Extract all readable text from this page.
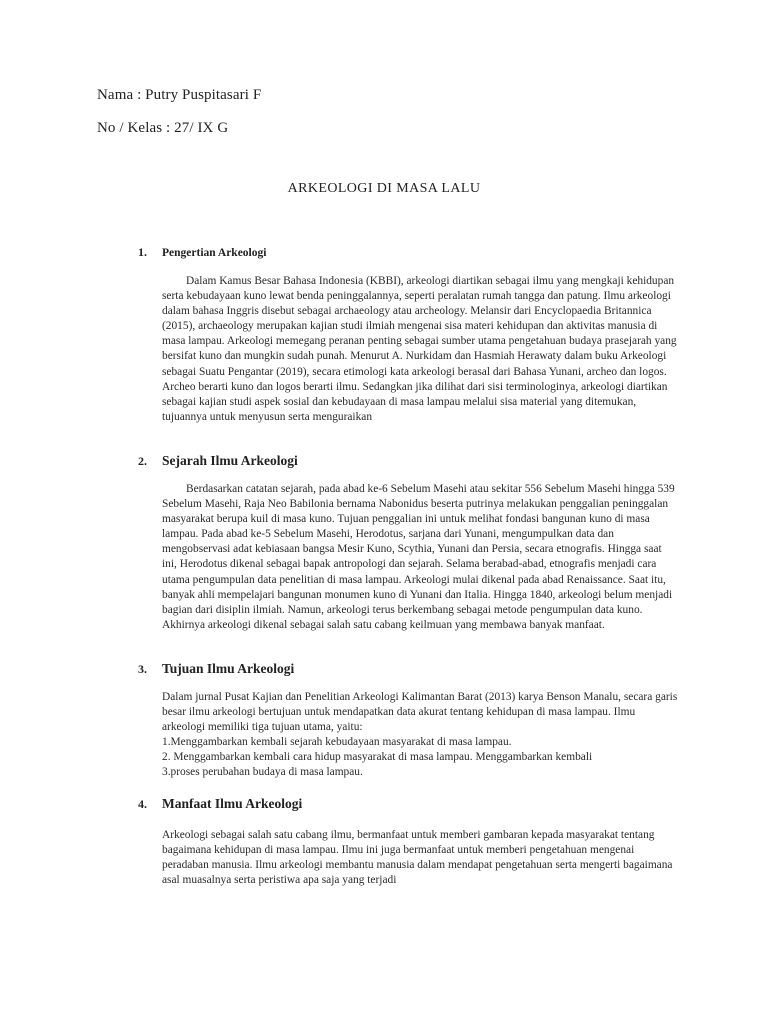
Nama : Putry Puspitasari F
No / Kelas : 27/ IX G
ARKEOLOGI DI MASA LALU
1.	Pengertian Arkeologi

Dalam Kamus Besar Bahasa Indonesia (KBBI), arkeologi diartikan sebagai ilmu yang mengkaji kehidupan serta kebudayaan kuno lewat benda peninggalannya, seperti peralatan rumah tangga dan patung. Ilmu arkeologi dalam bahasa Inggris disebut sebagai archaeology atau archeology. Melansir dari Encyclopaedia Britannica (2015), archaeology merupakan kajian studi ilmiah mengenai sisa materi kehidupan dan aktivitas manusia di masa lampau. Arkeologi memegang peranan penting sebagai sumber utama pengetahuan budaya prasejarah yang bersifat kuno dan mungkin sudah punah. Menurut A. Nurkidam dan Hasmiah Herawaty dalam buku Arkeologi sebagai Suatu Pengantar (2019), secara etimologi kata arkeologi berasal dari Bahasa Yunani, archeo dan logos. Archeo berarti kuno dan logos berarti ilmu. Sedangkan jika dilihat dari sisi terminologinya, arkeologi diartikan sebagai kajian studi aspek sosial dan kebudayaan di masa lampau melalui sisa material yang ditemukan, tujuannya untuk menyusun serta menguraikan

2.	Sejarah Ilmu Arkeologi

Berdasarkan catatan sejarah, pada abad ke-6 Sebelum Masehi atau sekitar 556 Sebelum Masehi hingga 539 Sebelum Masehi, Raja Neo Babilonia bernama Nabonidus beserta putrinya melakukan penggalian peninggalan masyarakat berupa kuil di masa kuno. Tujuan penggalian ini untuk melihat fondasi bangunan kuno di masa lampau. Pada abad ke-5 Sebelum Masehi, Herodotus, sarjana dari Yunani, mengumpulkan data dan mengobservasi adat kebiasaan bangsa Mesir Kuno, Scythia, Yunani dan Persia, secara etnografis. Hingga saat ini, Herodotus dikenal sebagai bapak antropologi dan sejarah. Selama berabad-abad, etnografis menjadi cara utama pengumpulan data penelitian di masa lampau. Arkeologi mulai dikenal pada abad Renaissance. Saat itu, banyak ahli mempelajari bangunan monumen kuno di Yunani dan Italia. Hingga 1840, arkeologi belum menjadi bagian dari disiplin ilmiah. Namun, arkeologi terus berkembang sebagai metode pengumpulan data kuno. Akhirnya arkeologi dikenal sebagai salah satu cabang keilmuan yang membawa banyak manfaat.

3.	Tujuan Ilmu Arkeologi

Dalam jurnal Pusat Kajian dan Penelitian Arkeologi Kalimantan Barat (2013) karya Benson Manalu, secara garis besar ilmu arkeologi bertujuan untuk mendapatkan data akurat tentang kehidupan di masa lampau. Ilmu arkeologi memiliki tiga tujuan utama, yaitu:

1.Menggambarkan kembali sejarah kebudayaan masyarakat di masa lampau.

2. Menggambarkan kembali cara hidup masyarakat di masa lampau. Menggambarkan kembali

3.proses perubahan budaya di masa lampau.

4.	Manfaat Ilmu Arkeologi

Arkeologi sebagai salah satu cabang ilmu, bermanfaat untuk memberi gambaran kepada masyarakat tentang bagaimana kehidupan di masa lampau. Ilmu ini juga bermanfaat untuk memberi pengetahuan mengenai peradaban manusia. Ilmu arkeologi membantu manusia dalam mendapat pengetahuan serta mengerti bagaimana asal muasalnya serta peristiwa apa saja yang terjadi
